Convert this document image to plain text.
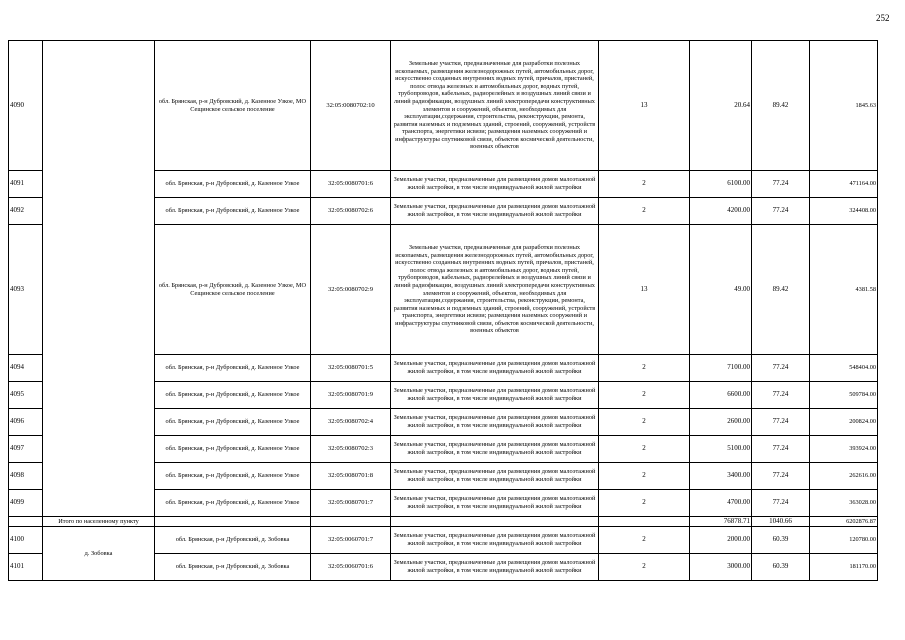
252
4090		обл. Брянская, р-н Дубровский, д. Казенное Узкое, МО Сещинское сельское поселение	32:05:0080702:10	Земельные участки, предназначенные для разработки полезных ископаемых, размещения железнодорожных путей, автомобильных дорог, искусственно созданных внутренних водных путей, причалов, пристаней, полос отвода железных и автомобильных дорог, водных путей, трубопроводов, кабельных, радиорелейных и воздушных линий связи и линий радиофикации, воздушных линий электропередачи конструктивных элементов и сооружений, объектов, необходимых для эксплуатации,содержания, строительства, реконструкции, ремонта, развития наземных и подземных зданий, строений, сооружений, устройств транспорта, энергетики исвязи; размещения наземных сооружений и инфраструктуры спутниковой связи, объектов космической деятельности, военных объектов	13	20.64	89.42	1845.63
4091		обл. Брянская, р-н Дубровский, д. Казенное Узкое	32:05:0080701:6	Земельные участки, предназначенные для размещения домов малоэтажной жилой застройки, в том числе индивидуальной жилой застройки	2	6100.00	77.24	471164.00
4092		обл. Брянская, р-н Дубровский, д. Казенное Узкое	32:05:0080702:6	Земельные участки, предназначенные для размещения домов малоэтажной жилой застройки, в том числе индивидуальной жилой застройки	2	4200.00	77.24	324408.00
4093		обл. Брянская, р-н Дубровский, д. Казенное Узкое, МО Сещинское сельское поселение	32:05:0080702:9	Земельные участки, предназначенные для разработки полезных ископаемых, размещения железнодорожных путей, автомобильных дорог, искусственно созданных внутренних водных путей, причалов, пристаней, полос отвода железных и автомобильных дорог, водных путей, трубопроводов, кабельных, радиорелейных и воздушных линий связи и линий радиофикации, воздушных линий электропередачи конструктивных элементов и сооружений, объектов, необходимых для эксплуатации,содержания, строительства, реконструкции, ремонта, развития наземных и подземных зданий, строений, сооружений, устройств транспорта, энергетики исвязи; размещения наземных сооружений и инфраструктуры спутниковой связи, объектов космической деятельности, военных объектов	13	49.00	89.42	4381.58
4094		обл. Брянская, р-н Дубровский, д. Казенное Узкое	32:05:0080701:5	Земельные участки, предназначенные для размещения домов малоэтажной жилой застройки, в том числе индивидуальной жилой застройки	2	7100.00	77.24	548404.00
4095		обл. Брянская, р-н Дубровский, д. Казенное Узкое	32:05:0080701:9	Земельные участки, предназначенные для размещения домов малоэтажной жилой застройки, в том числе индивидуальной жилой застройки	2	6600.00	77.24	509784.00
4096		обл. Брянская, р-н Дубровский, д. Казенное Узкое	32:05:0080702:4	Земельные участки, предназначенные для размещения домов малоэтажной жилой застройки, в том числе индивидуальной жилой застройки	2	2600.00	77.24	200824.00
4097		обл. Брянская, р-н Дубровский, д. Казенное Узкое	32:05:0080702:3	Земельные участки, предназначенные для размещения домов малоэтажной жилой застройки, в том числе индивидуальной жилой застройки	2	5100.00	77.24	393924.00
4098		обл. Брянская, р-н Дубровский, д. Казенное Узкое	32:05:0080701:8	Земельные участки, предназначенные для размещения домов малоэтажной жилой застройки, в том числе индивидуальной жилой застройки	2	3400.00	77.24	262616.00
4099		обл. Брянская, р-н Дубровский, д. Казенное Узкое	32:05:0080701:7	Земельные участки, предназначенные для размещения домов малоэтажной жилой застройки, в том числе индивидуальной жилой застройки	2	4700.00	77.24	363028.00
	Итого по населенному пункту					76878.71	1040.66	6202876.87
4100	д. Зобовка	обл. Брянская, р-н Дубровский, д. Зобовка	32:05:0060701:7	Земельные участки, предназначенные для размещения домов малоэтажной жилой застройки, в том числе индивидуальной жилой застройки	2	2000.00	60.39	120780.00
4101		обл. Брянская, р-н Дубровский, д. Зобовка	32:05:0060701:6	Земельные участки, предназначенные для размещения домов малоэтажной жилой застройки, в том числе индивидуальной жилой застройки	2	3000.00	60.39	181170.00
